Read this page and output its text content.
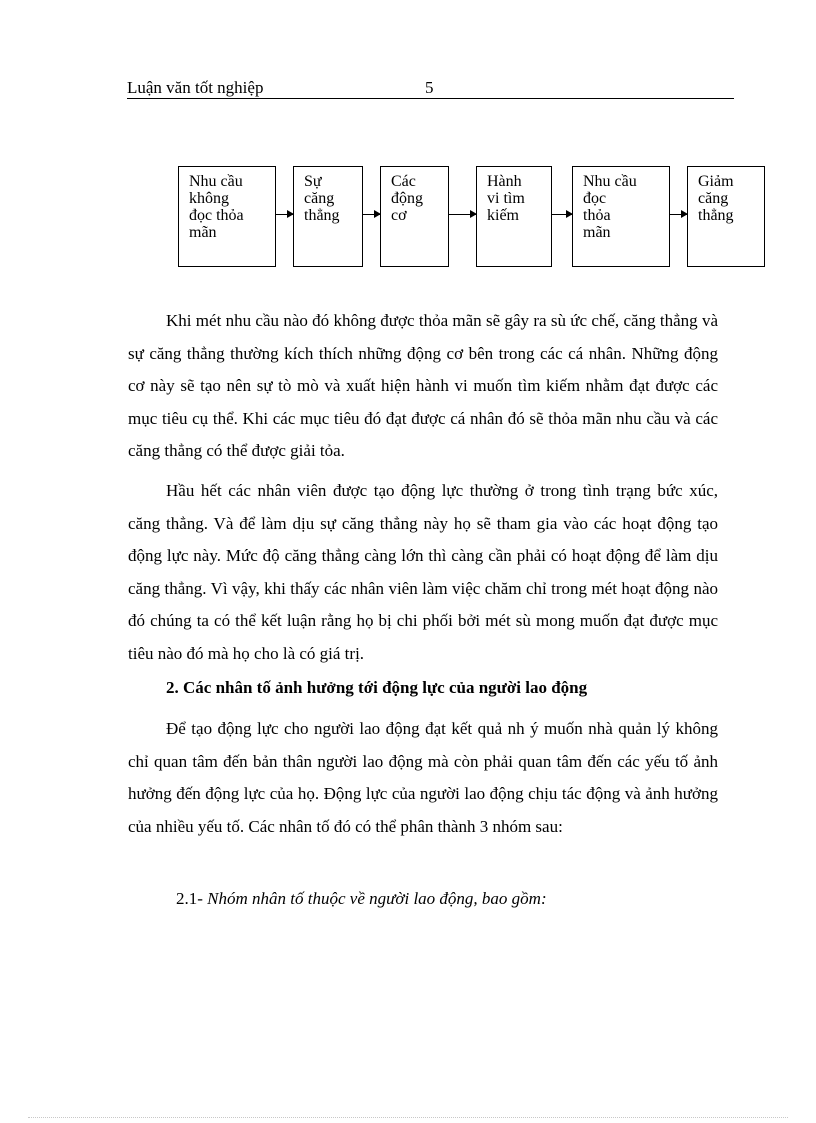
Luận văn tốt nghiệp	5
Nhu cầu
không
đọc thỏa
mãn
Sự
căng
thẳng
Các
động
cơ
Hành
vi tìm
kiếm
Nhu cầu
đọc
thỏa
mãn
Giảm
căng
thẳng
Khi mét nhu cầu nào đó không được thỏa mãn sẽ gây ra sù ức chế, căng thẳng và sự căng thẳng thường kích thích những động cơ bên trong các cá nhân. Những động cơ này sẽ tạo nên sự tò mò và xuất hiện hành vi muốn tìm kiếm nhằm đạt được các mục tiêu cụ thể. Khi các mục tiêu đó đạt được cá nhân đó sẽ thỏa mãn nhu cầu và các căng thẳng có thể được giải tỏa.
Hầu hết các nhân viên được tạo động lực thường ở trong tình trạng bức xúc, căng thẳng. Và để làm dịu sự căng thẳng này họ sẽ tham gia vào các hoạt động tạo động lực này. Mức độ căng thẳng càng lớn thì càng cần phải có hoạt động để làm dịu căng thẳng. Vì vậy, khi thấy các nhân viên làm việc chăm chỉ trong mét hoạt động nào đó chúng ta có thể kết luận rằng họ bị chi phối bởi mét sù mong muốn đạt được mục tiêu nào đó mà họ cho là có giá trị.
2. Các nhân tố ảnh hưởng tới động lực của người lao động
Để tạo động lực cho người lao động đạt kết quả nh ý muốn nhà quản lý không chỉ quan tâm đến bản thân người lao động mà còn phải quan tâm đến các yếu tố ảnh hưởng đến động lực của họ. Động lực của người lao động chịu tác động và ảnh hưởng của nhiều yếu tố. Các nhân tố đó có thể phân thành 3 nhóm sau:
2.1- Nhóm nhân tố thuộc về người lao động, bao gồm:
